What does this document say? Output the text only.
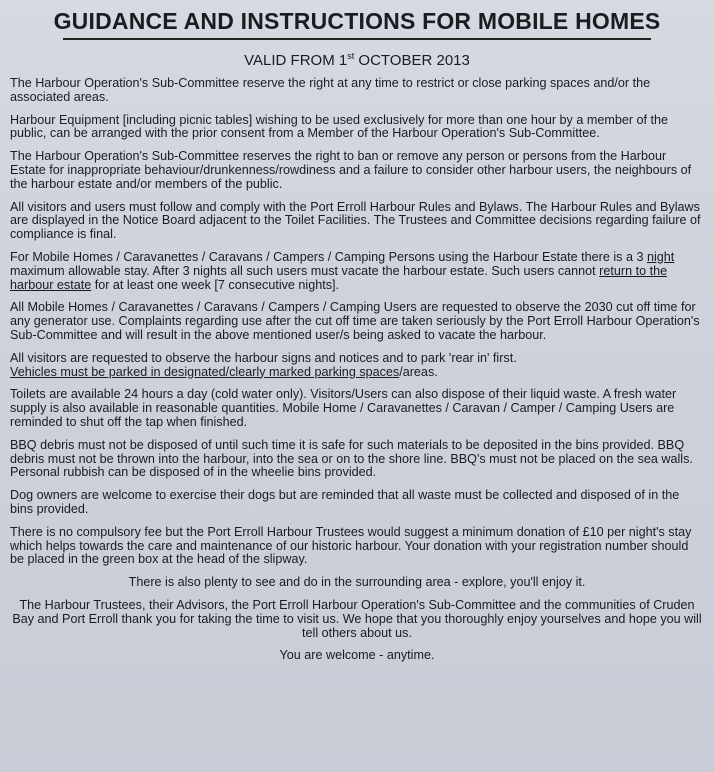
GUIDANCE AND INSTRUCTIONS FOR MOBILE HOMES
VALID FROM 1st OCTOBER 2013

The Harbour Operation's Sub-Committee reserve the right at any time to restrict or close parking spaces and/or the associated areas.

Harbour Equipment [including picnic tables] wishing to be used exclusively for more than one hour by a member of the public, can be arranged with the prior consent from a Member of the Harbour Operation's Sub-Committee.

The Harbour Operation's Sub-Committee reserves the right to ban or remove any person or persons from the Harbour Estate for inappropriate behaviour/drunkenness/rowdiness and a failure to consider other harbour users, the neighbours of the harbour estate and/or members of the public.

All visitors and users must follow and comply with the Port Erroll Harbour Rules and Bylaws. The Harbour Rules and Bylaws are displayed in the Notice Board adjacent to the Toilet Facilities. The Trustees and Committee decisions regarding failure of compliance is final.

For Mobile Homes / Caravanettes / Caravans / Campers / Camping Persons using the Harbour Estate there is a 3 night maximum allowable stay. After 3 nights all such users must vacate the harbour estate. Such users cannot return to the harbour estate for at least one week [7 consecutive nights].

All Mobile Homes / Caravanettes / Caravans / Campers / Camping Users are requested to observe the 2030 cut off time for any generator use. Complaints regarding use after the cut off time are taken seriously by the Port Erroll Harbour Operation's Sub-Committee and will result in the above mentioned user/s being asked to vacate the harbour.

All visitors are requested to observe the harbour signs and notices and to park 'rear in' first.
Vehicles must be parked in designated/clearly marked parking spaces/areas.

Toilets are available 24 hours a day (cold water only). Visitors/Users can also dispose of their liquid waste. A fresh water supply is also available in reasonable quantities. Mobile Home / Caravanettes / Caravan / Camper / Camping Users are reminded to shut off the tap when finished.

BBQ debris must not be disposed of until such time it is safe for such materials to be deposited in the bins provided. BBQ debris must not be thrown into the harbour, into the sea or on to the shore line. BBQ's must not be placed on the sea walls. Personal rubbish can be disposed of in the wheelie bins provided.

Dog owners are welcome to exercise their dogs but are reminded that all waste must be collected and disposed of in the bins provided.

There is no compulsory fee but the Port Erroll Harbour Trustees would suggest a minimum donation of £10 per night's stay which helps towards the care and maintenance of our historic harbour. Your donation with your registration number should be placed in the green box at the head of the slipway.

There is also plenty to see and do in the surrounding area - explore, you'll enjoy it.

The Harbour Trustees, their Advisors, the Port Erroll Harbour Operation's Sub-Committee and the communities of Cruden Bay and Port Erroll thank you for taking the time to visit us. We hope that you thoroughly enjoy yourselves and hope you will tell others about us.

You are welcome - anytime.
